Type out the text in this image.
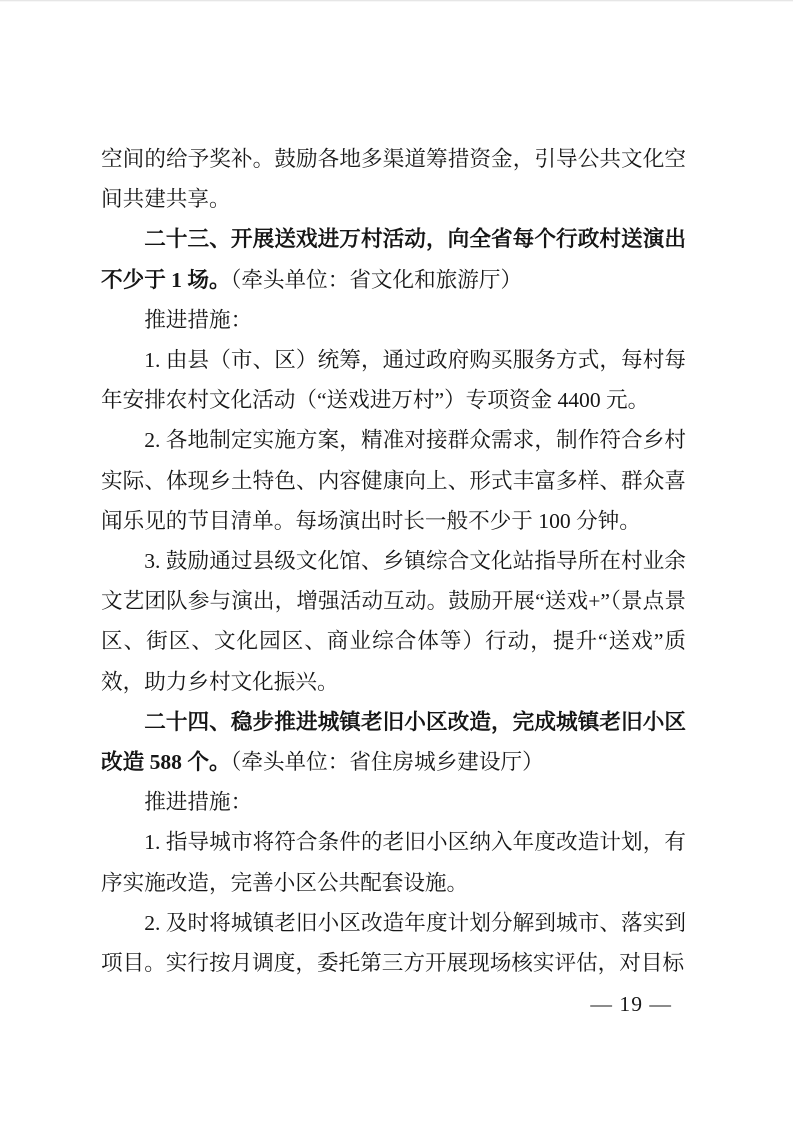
空间的给予奖补。鼓励各地多渠道筹措资金，引导公共文化空间共建共享。

二十三、开展送戏进万村活动，向全省每个行政村送演出不少于 1 场。（牵头单位：省文化和旅游厅）

推进措施：

1. 由县（市、区）统筹，通过政府购买服务方式，每村每年安排农村文化活动（“送戏进万村”）专项资金 4400 元。

2. 各地制定实施方案，精准对接群众需求，制作符合乡村实际、体现乡土特色、内容健康向上、形式丰富多样、群众喜闻乐见的节目清单。每场演出时长一般不少于 100 分钟。

3. 鼓励通过县级文化馆、乡镇综合文化站指导所在村业余文艺团队参与演出，增强活动互动。鼓励开展“送戏+”（景点景区、街区、文化园区、商业综合体等）行动，提升“送戏”质效，助力乡村文化振兴。

二十四、稳步推进城镇老旧小区改造，完成城镇老旧小区改造 588 个。（牵头单位：省住房城乡建设厅）

推进措施：

1. 指导城市将符合条件的老旧小区纳入年度改造计划，有序实施改造，完善小区公共配套设施。

2. 及时将城镇老旧小区改造年度计划分解到城市、落实到项目。实行按月调度，委托第三方开展现场核实评估，对目标

— 19 —
